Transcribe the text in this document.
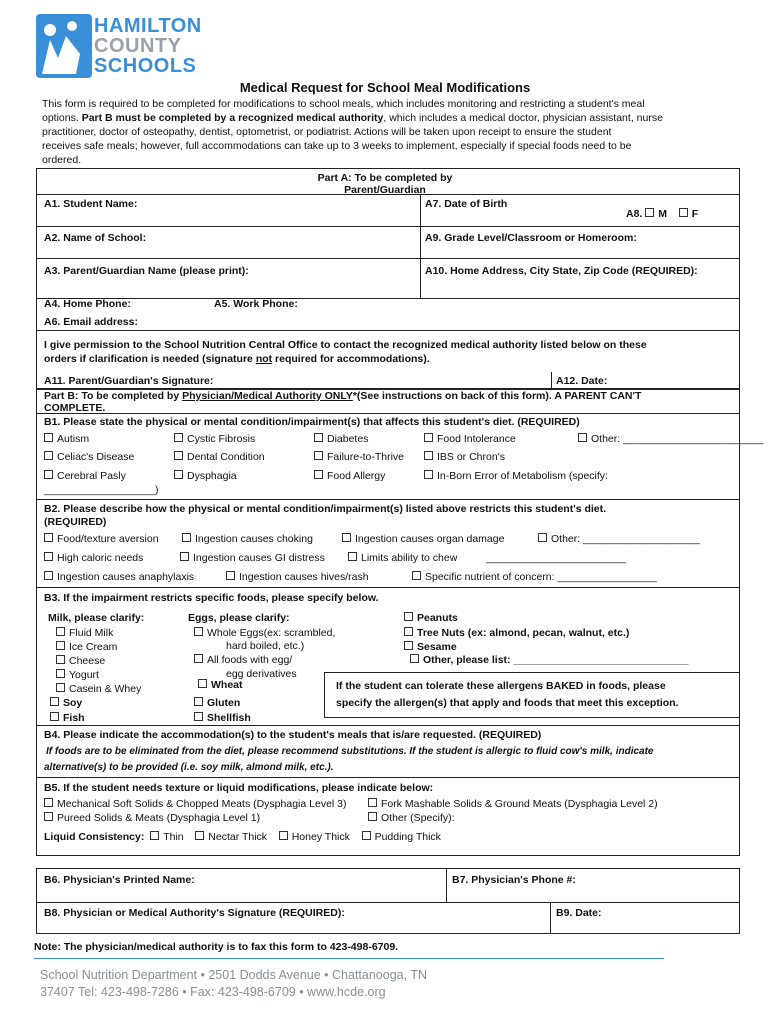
HAMILTON
COUNTY
SCHOOLS
Medical Request for School Meal Modifications
This form is required to be completed for modifications to school meals, which includes monitoring and restricting a student's meal
options. Part B must be completed by a recognized medical authority, which includes a medical doctor, physician assistant, nurse
practitioner, doctor of osteopathy, dentist, optometrist, or podiatrist. Actions will be taken upon receipt to ensure the student
receives safe meals; however, full accommodations can take up to 3 weeks to implement, especially if special foods need to be
ordered.
Part A: To be completed by
Parent/Guardian
A1. Student Name:	A7. Date of Birth
A8. M F
A2. Name of School:	A9. Grade Level/Classroom or Homeroom:
A3. Parent/Guardian Name (please print):	A10. Home Address, City State, Zip Code (REQUIRED):
A4. Home Phone:	A5. Work Phone:
A6. Email address:
I give permission to the School Nutrition Central Office to contact the recognized medical authority listed below on these
orders if clarification is needed (signature not required for accommodations).
A11. Parent/Guardian's Signature:	A12. Date:
Part B: To be completed by Physician/Medical Authority ONLY*(See instructions on back of this form). A PARENT CAN'T
COMPLETE.
B1. Please state the physical or mental condition/impairment(s) that affects this student's diet. (REQUIRED)
Autism	Cystic Fibrosis	Diabetes	Food Intolerance	Other: ________________________
Celiac's Disease	Dental Condition	Failure-to-Thrive	IBS or Chron's
Cerebral Pasly	Dysphagia	Food Allergy	In-Born Error of Metabolism (specify:
___________________)
B2. Please describe how the physical or mental condition/impairment(s) listed above restricts this student's diet.
(REQUIRED)
Food/texture aversion	Ingestion causes choking	Ingestion causes organ damage	Other: ____________________
High caloric needs	Ingestion causes GI distress	Limits ability to chew	________________________
Ingestion causes anaphylaxis	Ingestion causes hives/rash	Specific nutrient of concern: _________________
B3. If the impairment restricts specific foods, please specify below.
Milk, please clarify:
Fluid Milk
Ice Cream
Cheese
Yogurt
Casein & Whey
Soy
Fish
Eggs, please clarify:
Whole Eggs(ex: scrambled,
hard boiled, etc.)
All foods with egg/
egg derivatives
Wheat
Gluten
Shellfish
Peanuts
Tree Nuts (ex: almond, pecan, walnut, etc.)
Sesame
Other, please list: ______________________________
If the student can tolerate these allergens BAKED in foods, please
specify the allergen(s) that apply and foods that meet this exception.
B4. Please indicate the accommodation(s) to the student's meals that is/are requested. (REQUIRED)
If foods are to be eliminated from the diet, please recommend substitutions. If the student is allergic to fluid cow's milk, indicate
alternative(s) to be provided (i.e. soy milk, almond milk, etc.).
B5. If the student needs texture or liquid modifications, please indicate below:
Mechanical Soft Solids & Chopped Meats (Dysphagia Level 3)	Fork Mashable Solids & Ground Meats (Dysphagia Level 2)
Pureed Solids & Meats (Dysphagia Level 1)	Other (Specify):
Liquid Consistency: Thin Nectar Thick Honey Thick Pudding Thick
B6. Physician's Printed Name:	B7. Physician's Phone #:
B8. Physician or Medical Authority's Signature (REQUIRED):	B9. Date:
Note: The physician/medical authority is to fax this form to 423-498-6709.
School Nutrition Department • 2501 Dodds Avenue • Chattanooga, TN
37407 Tel: 423-498-7286 • Fax: 423-498-6709 • www.hcde.org
